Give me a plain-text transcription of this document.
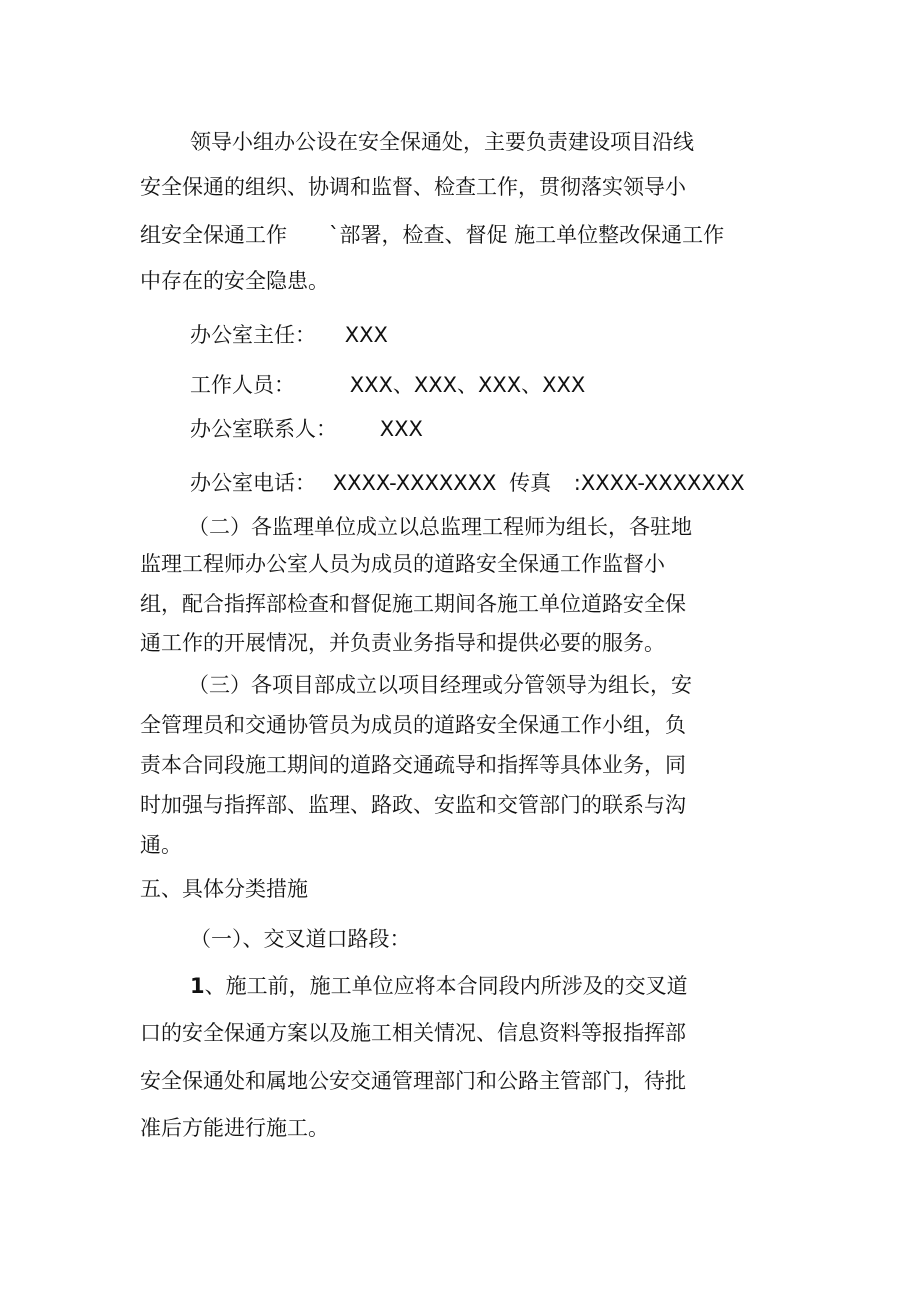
领导小组办公设在安全保通处，主要负责建设项目沿线

安全保通的组织、协调和监督、检查工作，贯彻落实领导小

组安全保通工作　　`部署，检查、督促 施工单位整改保通工作

中存在的安全隐患。

办公室主任： XXX

工作人员：	XXX、XXX、XXX、XXX

办公室联系人： XXX

办公室电话： XXXX-XXXXXXX 传真 :XXXX-XXXXXXX

（二）各监理单位成立以总监理工程师为组长，各驻地

监理工程师办公室人员为成员的道路安全保通工作监督小

组，配合指挥部检查和督促施工期间各施工单位道路安全保

通工作的开展情况，并负责业务指导和提供必要的服务。

（三）各项目部成立以项目经理或分管领导为组长，安

全管理员和交通协管员为成员的道路安全保通工作小组，负

责本合同段施工期间的道路交通疏导和指挥等具体业务，同

时加强与指挥部、监理、路政、安监和交管部门的联系与沟

通。

五、具体分类措施

（一）、交叉道口路段：

1、施工前，施工单位应将本合同段内所涉及的交叉道

口的安全保通方案以及施工相关情况、信息资料等报指挥部

安全保通处和属地公安交通管理部门和公路主管部门，待批

准后方能进行施工。
